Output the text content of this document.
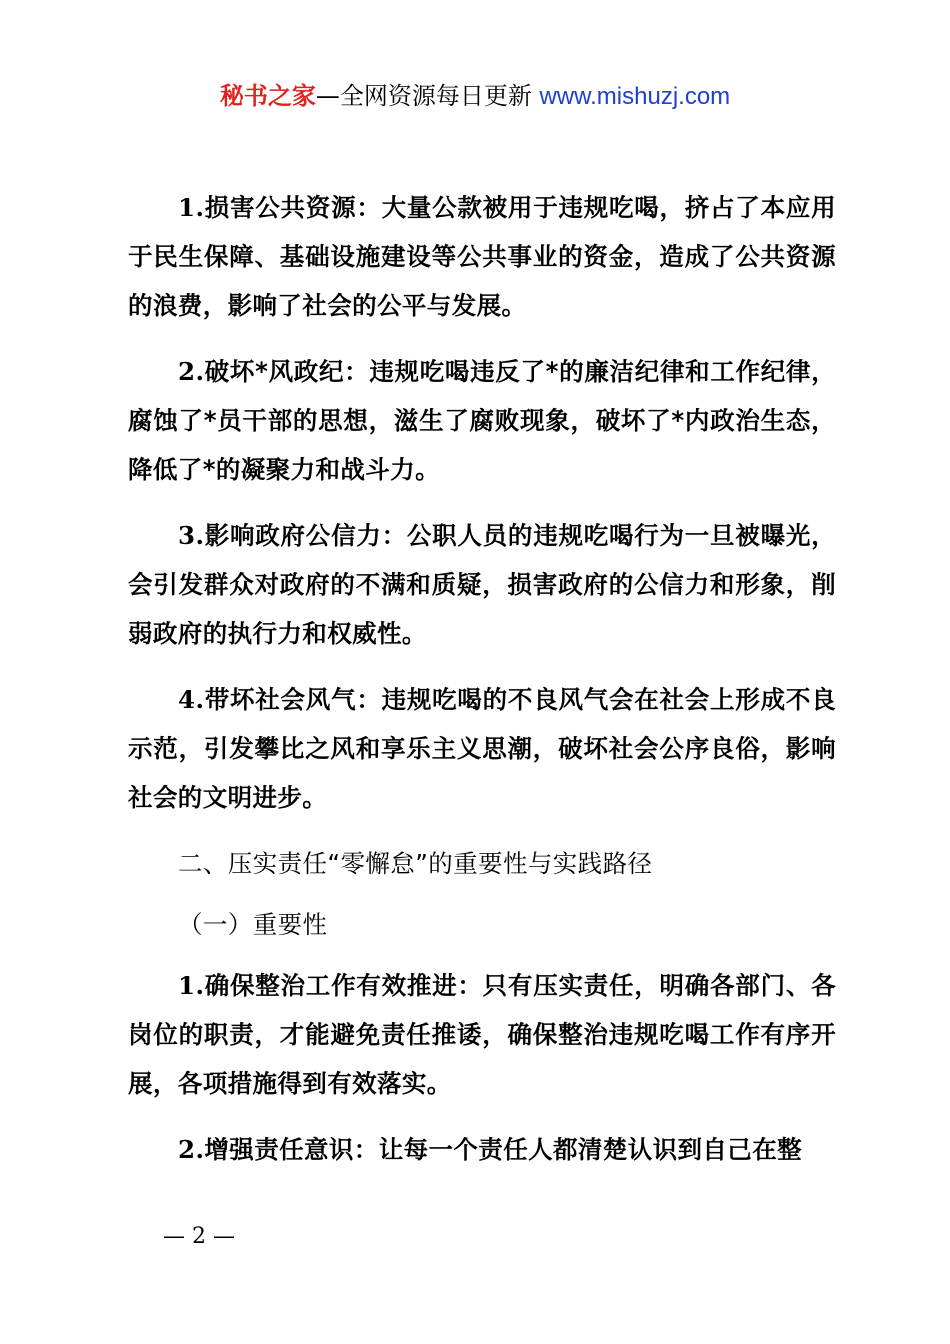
秘书之家—全网资源每日更新 www.mishuzj.com

1.损害公共资源：大量公款被用于违规吃喝，挤占了本应用于民生保障、基础设施建设等公共事业的资金，造成了公共资源的浪费，影响了社会的公平与发展。

2.破坏*风政纪：违规吃喝违反了*的廉洁纪律和工作纪律，腐蚀了*员干部的思想，滋生了腐败现象，破坏了*内政治生态，降低了*的凝聚力和战斗力。

3.影响政府公信力：公职人员的违规吃喝行为一旦被曝光，会引发群众对政府的不满和质疑，损害政府的公信力和形象，削弱政府的执行力和权威性。

4.带坏社会风气：违规吃喝的不良风气会在社会上形成不良示范，引发攀比之风和享乐主义思潮，破坏社会公序良俗，影响社会的文明进步。

二、压实责任“零懈怠”的重要性与实践路径

（一）重要性

1.确保整治工作有效推进：只有压实责任，明确各部门、各岗位的职责，才能避免责任推诿，确保整治违规吃喝工作有序开展，各项措施得到有效落实。

2.增强责任意识：让每一个责任人都清楚认识到自己在整

— 2 —
